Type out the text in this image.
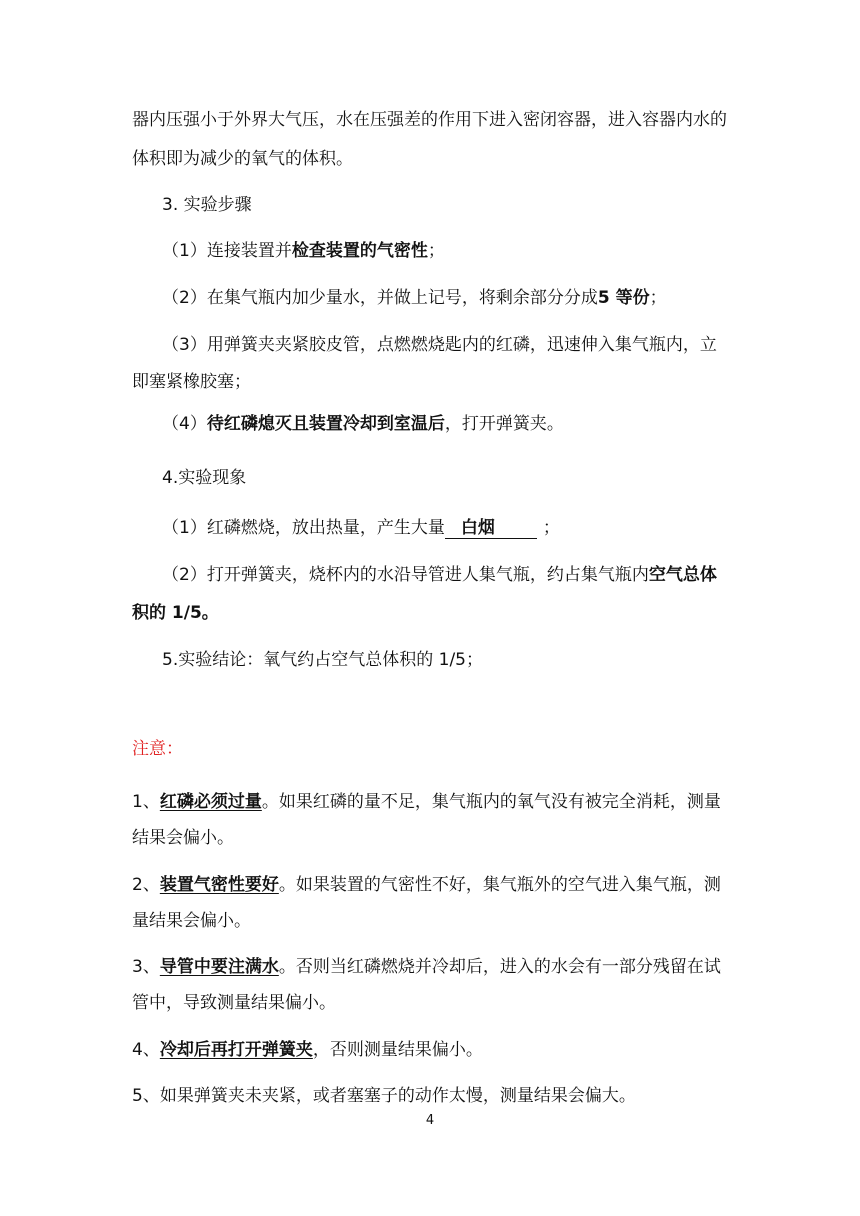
器内压强小于外界大气压，水在压强差的作用下进入密闭容器，进入容器内水的

体积即为减少的氧气的体积。

3. 实验步骤

（1）连接装置并检查装置的气密性；

（2）在集气瓶内加少量水，并做上记号，将剩余部分分成5 等份；

（3）用弹簧夹夹紧胶皮管，点燃燃烧匙内的红磷，迅速伸入集气瓶内，立

即塞紧橡胶塞；

（4）待红磷熄灭且装置冷却到室温后，打开弹簧夹。

4.实验现象

（1）红磷燃烧，放出热量，产生大量 白烟	；

（2）打开弹簧夹，烧杯内的水沿导管进人集气瓶，约占集气瓶内空气总体

积的 1/5。

5.实验结论：氧气约占空气总体积的 1/5；

注意：

1、红磷必须过量。如果红磷的量不足，集气瓶内的氧气没有被完全消耗，测量

结果会偏小。

2、装置气密性要好。如果装置的气密性不好，集气瓶外的空气进入集气瓶，测

量结果会偏小。

3、导管中要注满水。否则当红磷燃烧并冷却后，进入的水会有一部分残留在试

管中，导致测量结果偏小。

4、冷却后再打开弹簧夹，否则测量结果偏小。

5、如果弹簧夹未夹紧，或者塞塞子的动作太慢，测量结果会偏大。

4
